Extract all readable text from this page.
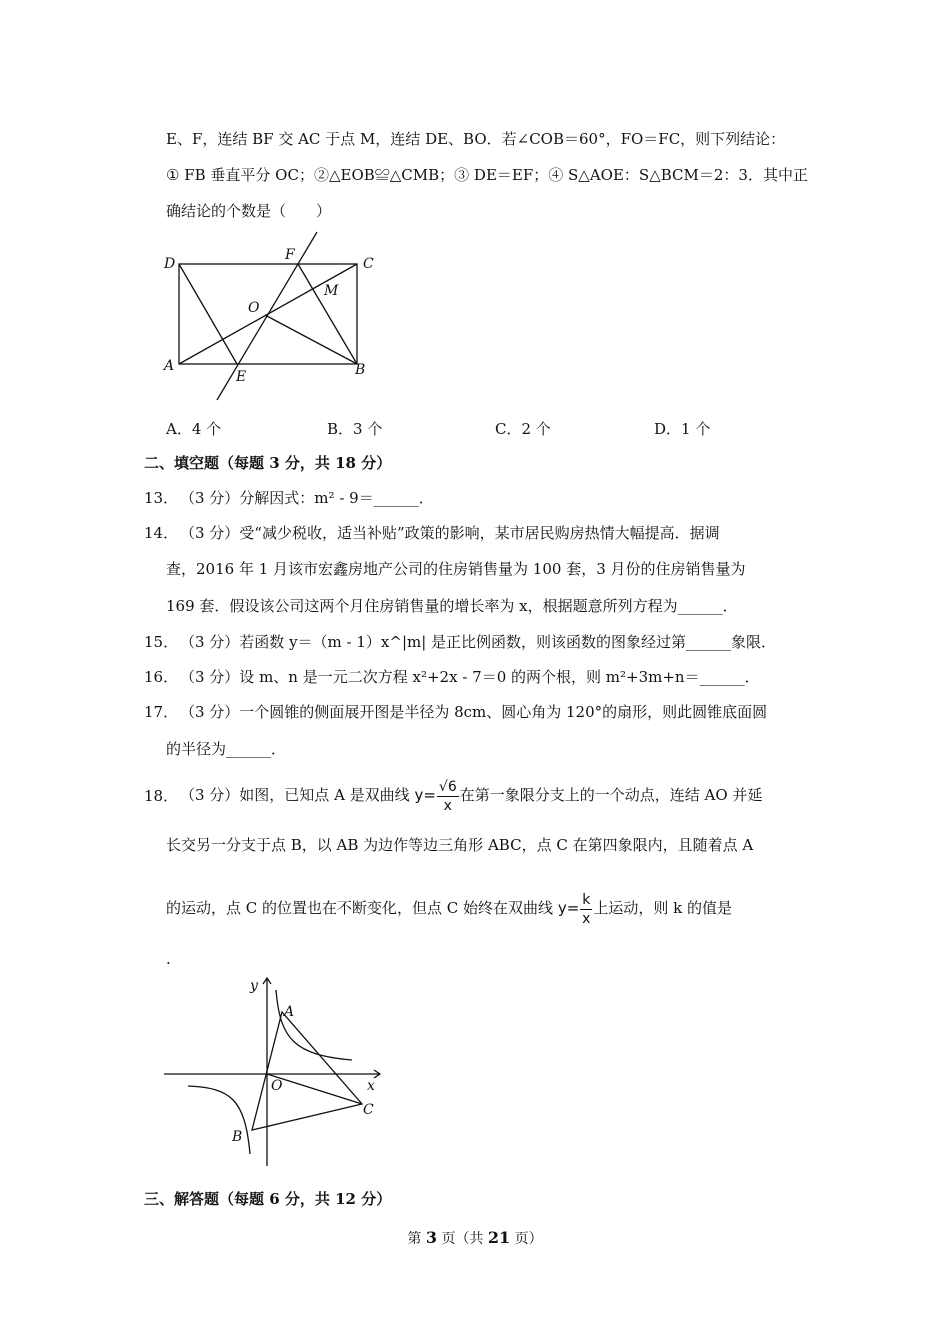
E、F，连结 BF 交 AC 于点 M，连结 DE、BO．若∠COB＝60°，FO＝FC，则下列结论：
① FB 垂直平分 OC；②△EOB≌△CMB；③ DE＝EF；④ S△AOE：S△BCM＝2：3．其中正
确结论的个数是（　　）
D
F
C
M
O
A
E	B
A．4 个	B．3 个	C．2 个	D．1 个
二、填空题（每题 3 分，共 18 分）
13． （3 分）分解因式：m² - 9＝______．
14． （3 分）受“减少税收，适当补贴”政策的影响，某市居民购房热情大幅提高．据调
查，2016 年 1 月该市宏鑫房地产公司的住房销售量为 100 套，3 月份的住房销售量为
169 套．假设该公司这两个月住房销售量的增长率为 x，根据题意所列方程为______．
15． （3 分）若函数 y＝（m - 1）x^|m| 是正比例函数，则该函数的图象经过第______象限．
16． （3 分）设 m、n 是一元二次方程 x²+2x - 7＝0 的两个根，则 m²+3m+n＝______．
17． （3 分）一个圆锥的侧面展开图是半径为 8cm、圆心角为 120°的扇形，则此圆锥底面圆
的半径为______．
18． （3 分）如图，已知点 A 是双曲线 $y= \frac{√6}{x}$ 在第一象限分支上的一个动点，连结 AO 并延
长交另一分支于点 B，以 AB 为边作等边三角形 ABC，点 C 在第四象限内，且随着点 A
的运动，点 C 的位置也在不断变化，但点 C 始终在双曲线 $y= \frac{k}{x}$ 上运动，则 k 的值是
.
y
x
O
A
B
C
三、解答题（每题 6 分，共 12 分）
第 3 页（共 21 页）
